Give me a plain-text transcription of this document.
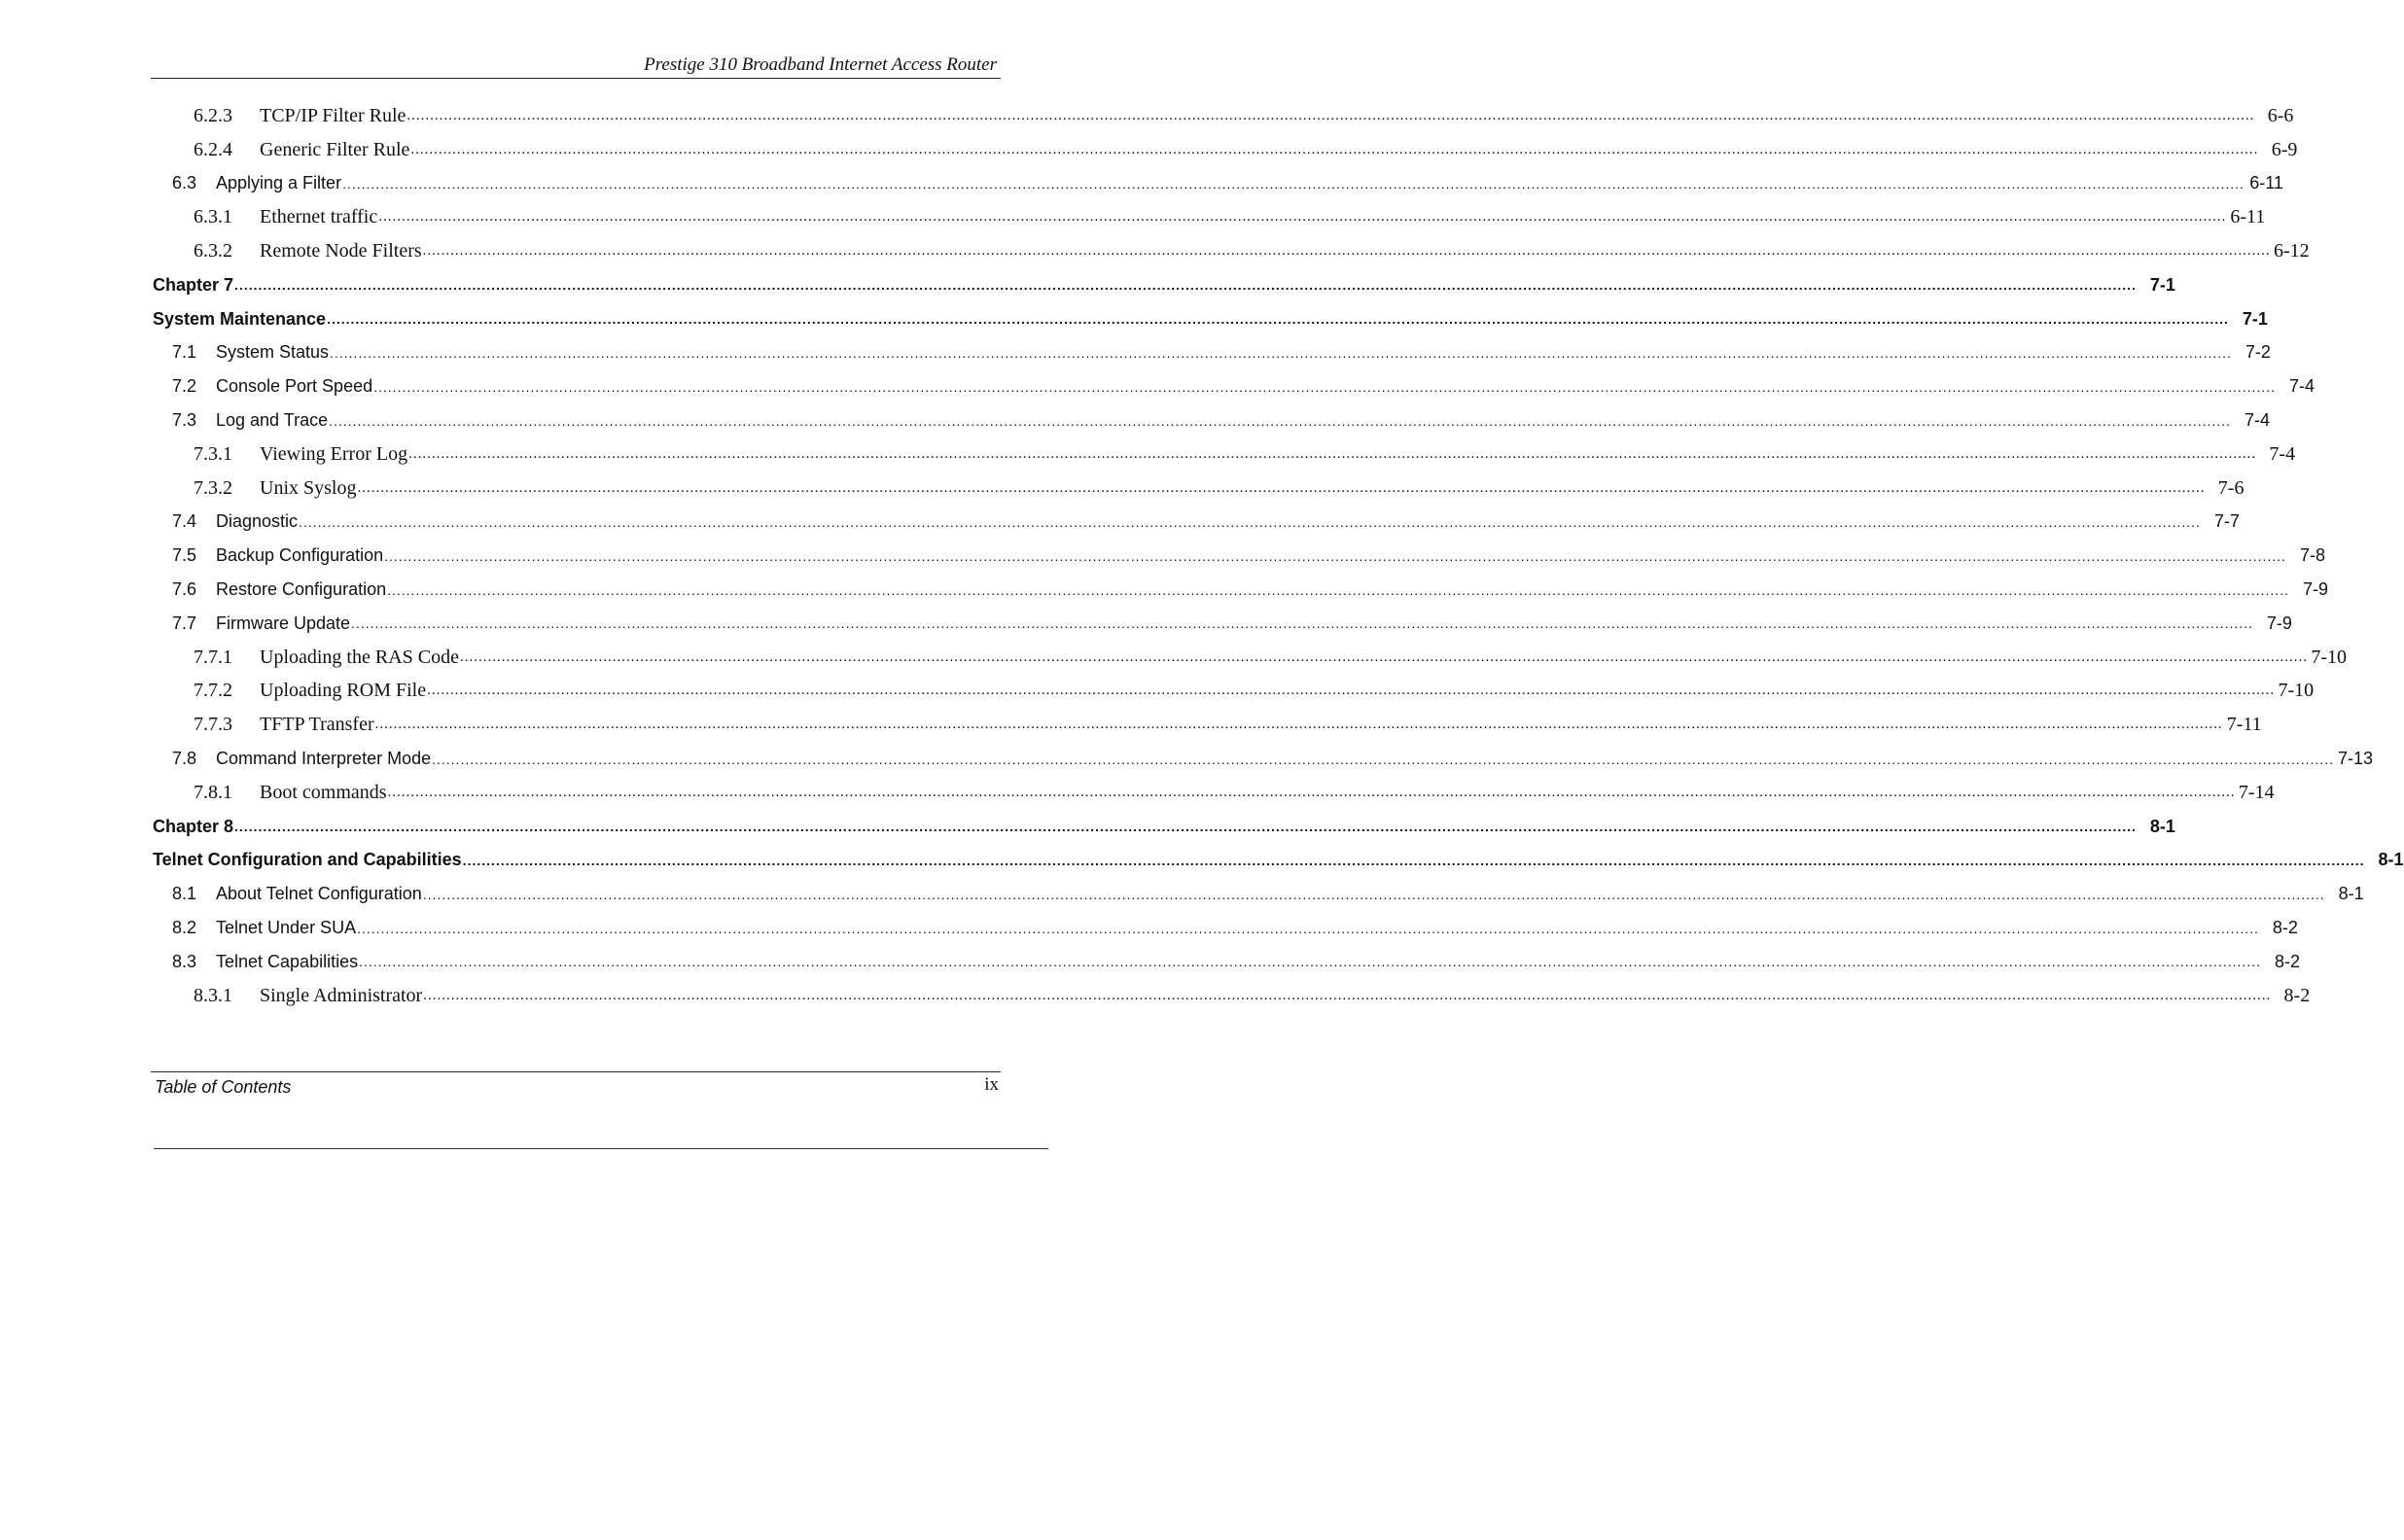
Prestige 310 Broadband Internet Access Router
6.2.3	TCP/IP Filter Rule ................................................................................................................................................................................................................................................................................................................................................................................................................ 6-6
6.2.4	Generic Filter Rule ................................................................................................................................................................................................................................................................................................................................................................................................................ 6-9
6.3	Applying a Filter ................................................................................................................................................................................................................................................................................................................................................................................................................ 6-11
6.3.1	Ethernet traffic ................................................................................................................................................................................................................................................................................................................................................................................................................ 6-11
6.3.2	Remote Node Filters ................................................................................................................................................................................................................................................................................................................................................................................................................ 6-12
Chapter 7 ................................................................................................................................................................................................................................................................................................................................................................................................................ 7-1
System Maintenance ................................................................................................................................................................................................................................................................................................................................................................................................................ 7-1
7.1	System Status ................................................................................................................................................................................................................................................................................................................................................................................................................ 7-2
7.2	Console Port Speed ................................................................................................................................................................................................................................................................................................................................................................................................................ 7-4
7.3	Log and Trace ................................................................................................................................................................................................................................................................................................................................................................................................................ 7-4
7.3.1	Viewing Error Log ................................................................................................................................................................................................................................................................................................................................................................................................................ 7-4
7.3.2	Unix Syslog ................................................................................................................................................................................................................................................................................................................................................................................................................ 7-6
7.4	Diagnostic ................................................................................................................................................................................................................................................................................................................................................................................................................ 7-7
7.5	Backup Configuration ................................................................................................................................................................................................................................................................................................................................................................................................................ 7-8
7.6	Restore Configuration ................................................................................................................................................................................................................................................................................................................................................................................................................ 7-9
7.7	Firmware Update ................................................................................................................................................................................................................................................................................................................................................................................................................ 7-9
7.7.1	Uploading the RAS Code ................................................................................................................................................................................................................................................................................................................................................................................................................ 7-10
7.7.2	Uploading ROM File ................................................................................................................................................................................................................................................................................................................................................................................................................ 7-10
7.7.3	TFTP Transfer ................................................................................................................................................................................................................................................................................................................................................................................................................ 7-11
7.8	Command Interpreter Mode ................................................................................................................................................................................................................................................................................................................................................................................................................ 7-13
7.8.1	Boot commands ................................................................................................................................................................................................................................................................................................................................................................................................................ 7-14
Chapter 8 ................................................................................................................................................................................................................................................................................................................................................................................................................ 8-1
Telnet Configuration and Capabilities ................................................................................................................................................................................................................................................................................................................................................................................................................ 8-1
8.1	About Telnet Configuration ................................................................................................................................................................................................................................................................................................................................................................................................................ 8-1
8.2	Telnet Under SUA ................................................................................................................................................................................................................................................................................................................................................................................................................ 8-2
8.3	Telnet Capabilities ................................................................................................................................................................................................................................................................................................................................................................................................................ 8-2
8.3.1	Single Administrator ................................................................................................................................................................................................................................................................................................................................................................................................................ 8-2
Table of Contents	ix
